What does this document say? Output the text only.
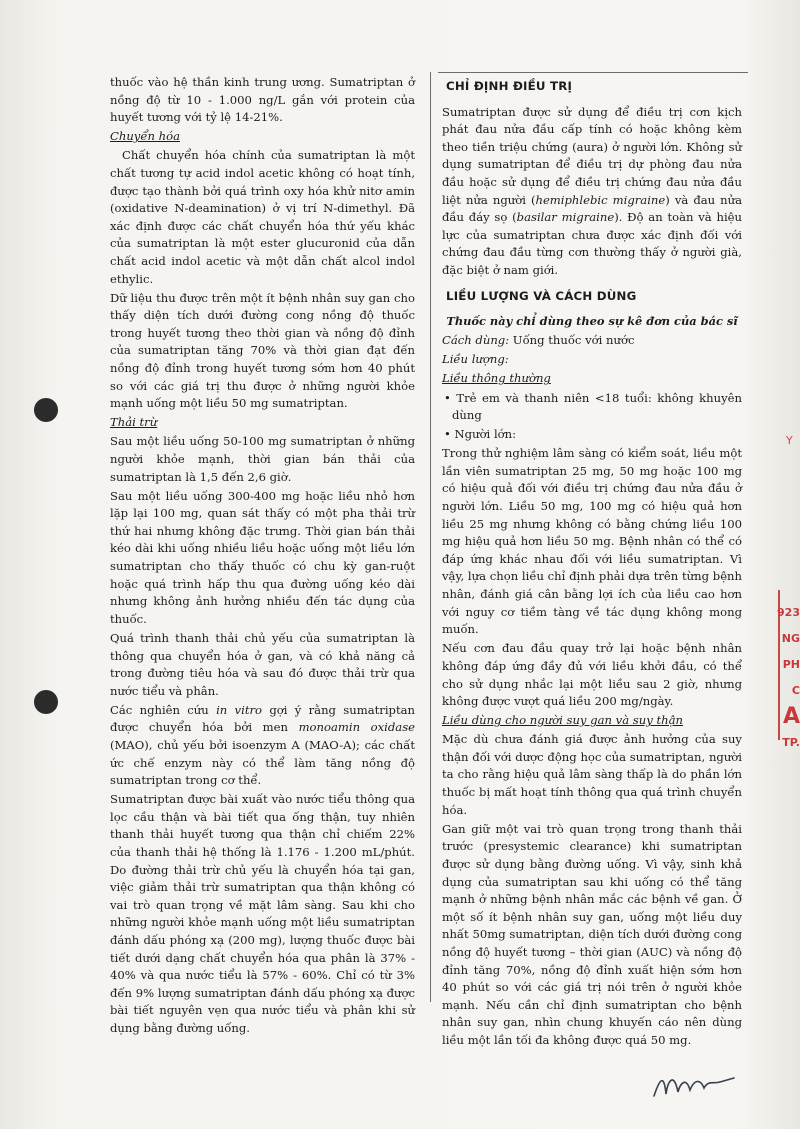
thuốc vào hệ thần kinh trung ương. Sumatriptan ở nồng độ từ 10 - 1.000 ng/L gắn với protein của huyết tương với tỷ lệ 14-21%.

Chuyển hóa

Chất chuyển hóa chính của sumatriptan là một chất tương tự acid indol acetic không có hoạt tính, được tạo thành bởi quá trình oxy hóa khử nitơ amin (oxidative N-deamination) ở vị trí N-dimethyl. Đã xác định được các chất chuyển hóa thứ yếu khác của sumatriptan là một ester glucuronid của dẫn chất acid indol acetic và một dẫn chất alcol indol ethylic.

Dữ liệu thu được trên một ít bệnh nhân suy gan cho thấy diện tích dưới đường cong nồng độ thuốc trong huyết tương theo thời gian và nồng độ đỉnh của sumatriptan tăng 70% và thời gian đạt đến nồng độ đỉnh trong huyết tương sớm hơn 40 phút so với các giá trị thu được ở những người khỏe mạnh uống một liều 50 mg sumatriptan.

Thải trừ

Sau một liều uống 50-100 mg sumatriptan ở những người khỏe mạnh, thời gian bán thải của sumatriptan là 1,5 đến 2,6 giờ.

Sau một liều uống 300-400 mg hoặc liều nhỏ hơn lặp lại 100 mg, quan sát thấy có một pha thải trừ thứ hai nhưng không đặc trưng. Thời gian bán thải kéo dài khi uống nhiều liều hoặc uống một liều lớn sumatriptan cho thấy thuốc có chu kỳ gan-ruột hoặc quá trình hấp thu qua đường uống kéo dài nhưng không ảnh hưởng nhiều đến tác dụng của thuốc.

Quá trình thanh thải chủ yếu của sumatriptan là thông qua chuyển hóa ở gan, và có khả năng cả trong đường tiêu hóa và sau đó được thải trừ qua nước tiểu và phân.

Các nghiên cứu in vitro gợi ý rằng sumatriptan được chuyển hóa bởi men monoamin oxidase (MAO), chủ yếu bởi isoenzym A (MAO-A); các chất ức chế enzym này có thể làm tăng nồng độ sumatriptan trong cơ thể.

Sumatriptan được bài xuất vào nước tiểu thông qua lọc cầu thận và bài tiết qua ống thận, tuy nhiên thanh thải huyết tương qua thận chỉ chiếm 22% của thanh thải hệ thống là 1.176 - 1.200 mL/phút. Do đường thải trừ chủ yếu là chuyển hóa tại gan, việc giảm thải trừ sumatriptan qua thận không có vai trò quan trọng về mặt lâm sàng. Sau khi cho những người khỏe mạnh uống một liều sumatriptan đánh dấu phóng xạ (200 mg), lượng thuốc được bài tiết dưới dạng chất chuyển hóa qua phân là 37% - 40% và qua nước tiểu là 57% - 60%. Chỉ có từ 3% đến 9% lượng sumatriptan đánh dấu phóng xạ được bài tiết nguyên vẹn qua nước tiểu và phân khi sử dụng bằng đường uống.

CHỈ ĐỊNH ĐIỀU TRỊ

Sumatriptan được sử dụng để điều trị cơn kịch phát đau nửa đầu cấp tính có hoặc không kèm theo tiền triệu chứng (aura) ở người lớn. Không sử dụng sumatriptan để điều trị dự phòng đau nửa đầu hoặc sử dụng để điều trị chứng đau nửa đầu liệt nửa người (hemiphlebic migraine) và đau nửa đầu đáy sọ (basilar migraine). Độ an toàn và hiệu lực của sumatriptan chưa được xác định đối với chứng đau đầu từng cơn thường thấy ở người già, đặc biệt ở nam giới.

LIỀU LƯỢNG VÀ CÁCH DÙNG

Thuốc này chỉ dùng theo sự kê đơn của bác sĩ

Cách dùng: Uống thuốc với nước

Liều lượng:

Liều thông thường

• Trẻ em và thanh niên <18 tuổi: không khuyên dùng

• Người lớn:

Trong thử nghiệm lâm sàng có kiểm soát, liều một lần viên sumatriptan 25 mg, 50 mg hoặc 100 mg có hiệu quả đối với điều trị chứng đau nửa đầu ở người lớn. Liều 50 mg, 100 mg có hiệu quả hơn liều 25 mg nhưng không có bằng chứng liều 100 mg hiệu quả hơn liều 50 mg. Bệnh nhân có thể có đáp ứng khác nhau đối với liều sumatriptan. Vì vậy, lựa chọn liều chỉ định phải dựa trên từng bệnh nhân, đánh giá cân bằng lợi ích của liều cao hơn với nguy cơ tiềm tàng về tác dụng không mong muốn.

Nếu cơn đau đầu quay trở lại hoặc bệnh nhân không đáp ứng đầy đủ với liều khởi đầu, có thể cho sử dụng nhắc lại một liều sau 2 giờ, nhưng không được vượt quá liều 200 mg/ngày.

Liều dùng cho người suy gan và suy thận

Mặc dù chưa đánh giá được ảnh hưởng của suy thận đối với dược động học của sumatriptan, người ta cho rằng hiệu quả lâm sàng thấp là do phần lớn thuốc bị mất hoạt tính thông qua quá trình chuyển hóa.

Gan giữ một vai trò quan trọng trong thanh thải trước (presystemic clearance) khi sumatriptan được sử dụng bằng đường uống. Vì vậy, sinh khả dụng của sumatriptan sau khi uống có thể tăng mạnh ở những bệnh nhân mắc các bệnh về gan. Ở một số ít bệnh nhân suy gan, uống một liều duy nhất 50mg sumatriptan, diện tích dưới đường cong nồng độ huyết tương – thời gian (AUC) và nồng độ đỉnh tăng 70%, nồng độ đỉnh xuất hiện sớm hơn 40 phút so với các giá trị nói trên ở người khỏe mạnh. Nếu cần chỉ định sumatriptan cho bệnh nhân suy gan, nhìn chung khuyến cáo nên dùng liều một lần tối đa không được quá 50 mg.

Y
923
NG
PH
C
A
TP.
